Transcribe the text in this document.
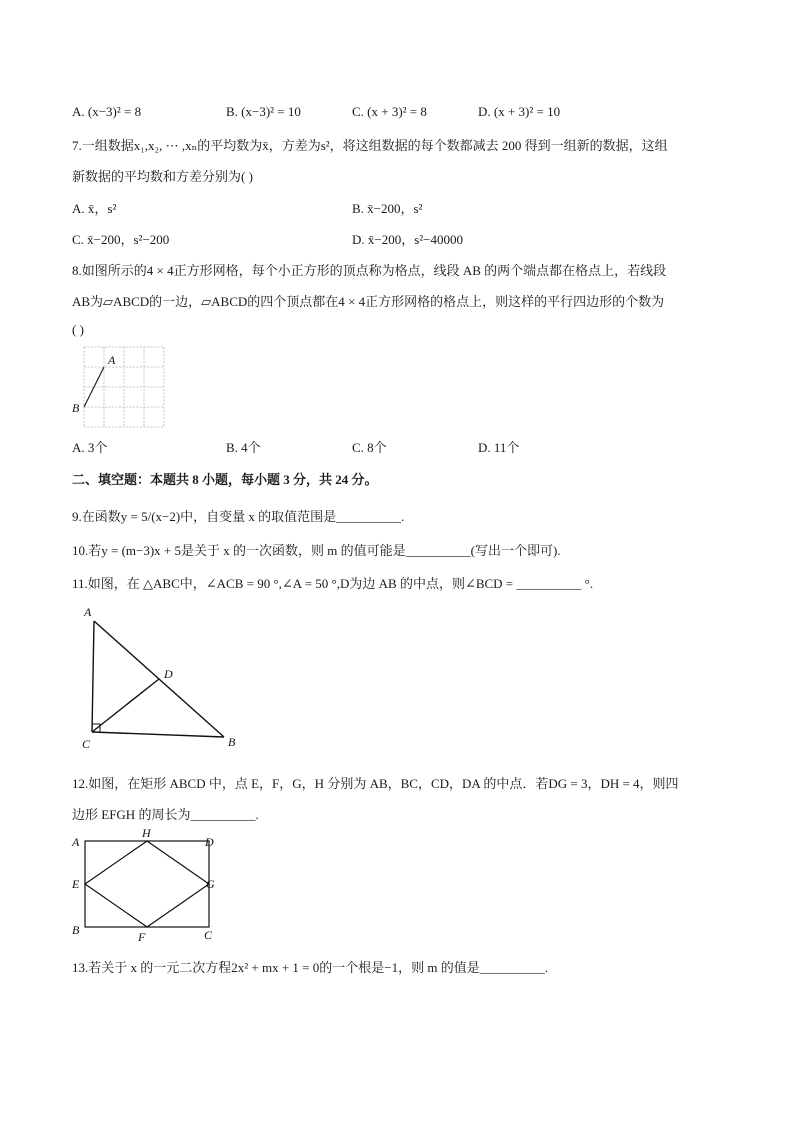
A. (x−3)² = 8	B. (x−3)² = 10	C. (x + 3)² = 8	D. (x + 3)² = 10
7.一组数据x₁,x₂, ⋯ ,xₙ的平均数为x̄，方差为s²，将这组数据的每个数都减去 200 得到一组新的数据，这组
新数据的平均数和方差分别为( )
A. x̄，s²	B. x̄−200，s²
C. x̄−200，s²−200	D. x̄−200，s²−40000
8.如图所示的4 × 4正方形网格，每个小正方形的顶点称为格点，线段 AB 的两个端点都在格点上，若线段
AB为▱ABCD的一边，▱ABCD的四个顶点都在4 × 4正方形网格的格点上，则这样的平行四边形的个数为
( )
A
B
A. 3个	B. 4个	C. 8个	D. 11个
二、填空题：本题共 8 小题，每小题 3 分，共 24 分。
9.在函数y = 5/(x−2)中，自变量 x 的取值范围是__________.
10.若y = (m−3)x + 5是关于 x 的一次函数，则 m 的值可能是__________(写出一个即可).
11.如图，在 △ABC中，∠ACB = 90 °,∠A = 50 °,D为边 AB 的中点，则∠BCD = __________ °.
A
D
C	B
12.如图，在矩形 ABCD 中，点 E，F，G，H 分别为 AB，BC，CD，DA 的中点．若DG = 3，DH = 4，则四
边形 EFGH 的周长为__________.
A
H
D
E	G
B	F	C
13.若关于 x 的一元二次方程2x² + mx + 1 = 0的一个根是−1，则 m 的值是__________.
